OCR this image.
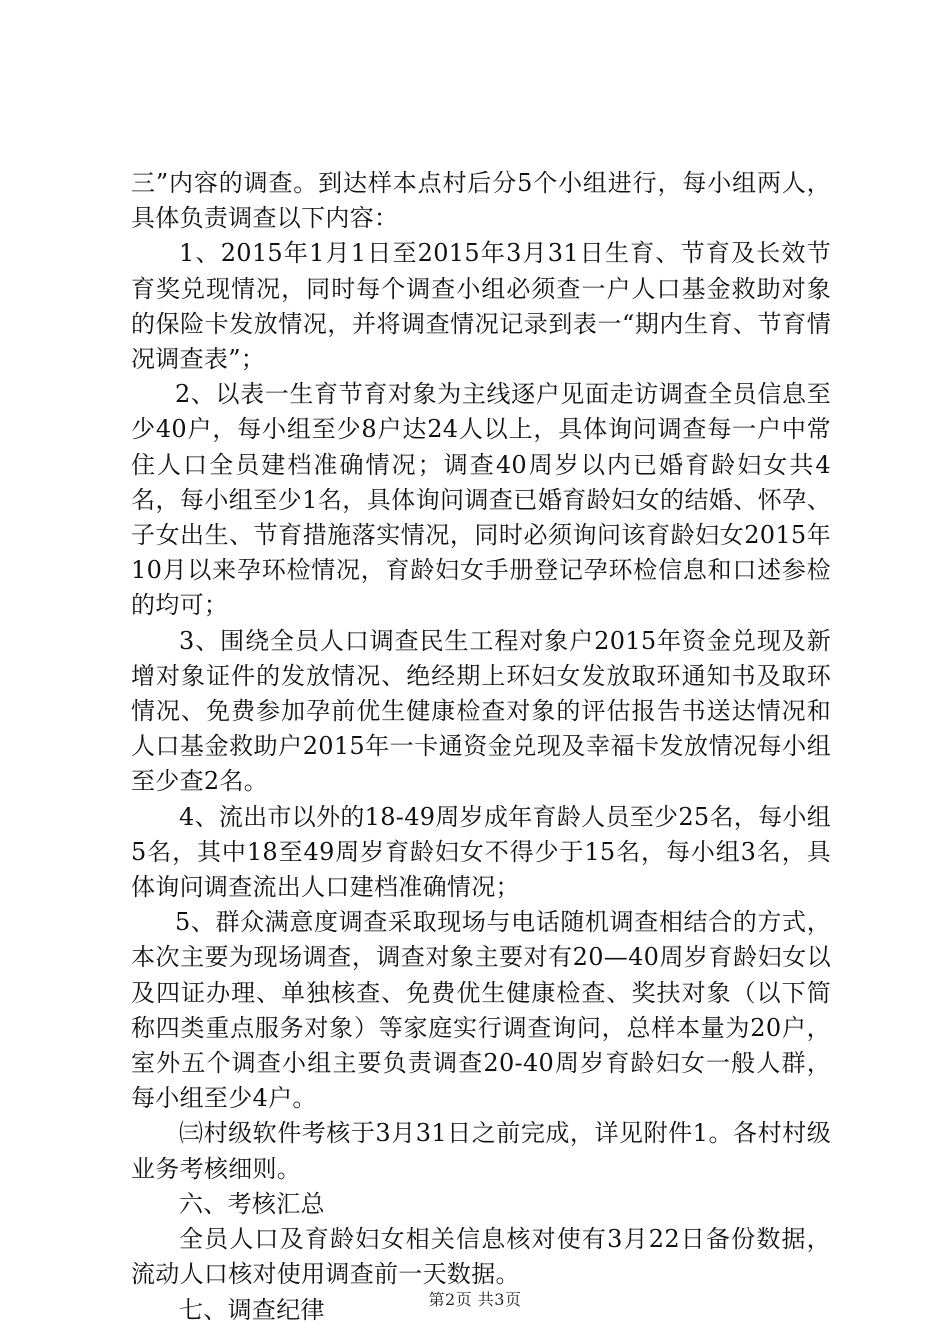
三”内容的调查。到达样本点村后分5个小组进行，每小组两人，具体负责调查以下内容：

1、2015年1月1日至2015年3月31日生育、节育及长效节育奖兑现情况，同时每个调查小组必须查一户人口基金救助对象的保险卡发放情况，并将调查情况记录到表一“期内生育、节育情况调查表”；

2、以表一生育节育对象为主线逐户见面走访调查全员信息至少40户，每小组至少8户达24人以上，具体询问调查每一户中常住人口全员建档准确情况；调查40周岁以内已婚育龄妇女共4名，每小组至少1名，具体询问调查已婚育龄妇女的结婚、怀孕、子女出生、节育措施落实情况，同时必须询问该育龄妇女2015年10月以来孕环检情况，育龄妇女手册登记孕环检信息和口述参检的均可；

3、围绕全员人口调查民生工程对象户2015年资金兑现及新增对象证件的发放情况、绝经期上环妇女发放取环通知书及取环情况、免费参加孕前优生健康检查对象的评估报告书送达情况和人口基金救助户2015年一卡通资金兑现及幸福卡发放情况每小组至少查2名。

4、流出市以外的18-49周岁成年育龄人员至少25名，每小组5名，其中18至49周岁育龄妇女不得少于15名，每小组3名，具体询问调查流出人口建档准确情况；

5、群众满意度调查采取现场与电话随机调查相结合的方式，本次主要为现场调查，调查对象主要对有20—40周岁育龄妇女以及四证办理、单独核查、免费优生健康检查、奖扶对象（以下简称四类重点服务对象）等家庭实行调查询问，总样本量为20户，室外五个调查小组主要负责调查20-40周岁育龄妇女一般人群，每小组至少4户。

㈢村级软件考核于3月31日之前完成，详见附件1。各村村级业务考核细则。

六、考核汇总

全员人口及育龄妇女相关信息核对使有3月22日备份数据，流动人口核对使用调查前一天数据。

七、调查纪律	第2页 共3页
